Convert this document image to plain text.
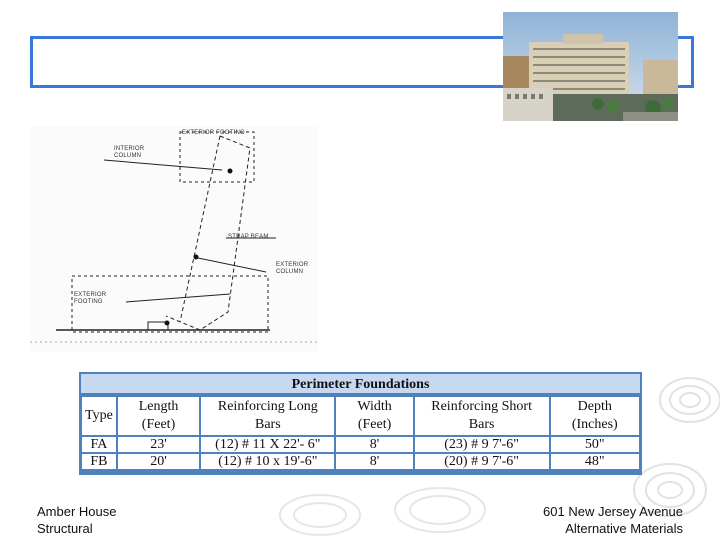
EXTERIOR FOOTING
INTERIOR
COLUMN
STRAP BEAM
EXTERIOR
COLUMN
EXTERIOR
FOOTING
Perimeter Foundations
Type	Length (Feet)	Reinforcing Long Bars	Width (Feet)	Reinforcing Short Bars	Depth (Inches)
FA	23'	(12) # 11 X 22'- 6"	8'	(23) # 9 7'-6"	50"
FB	20'	(12) # 10 x 19'-6"	8'	(20) # 9 7'-6"	48"
Amber House
Structural
601 New Jersey Avenue
Alternative Materials
